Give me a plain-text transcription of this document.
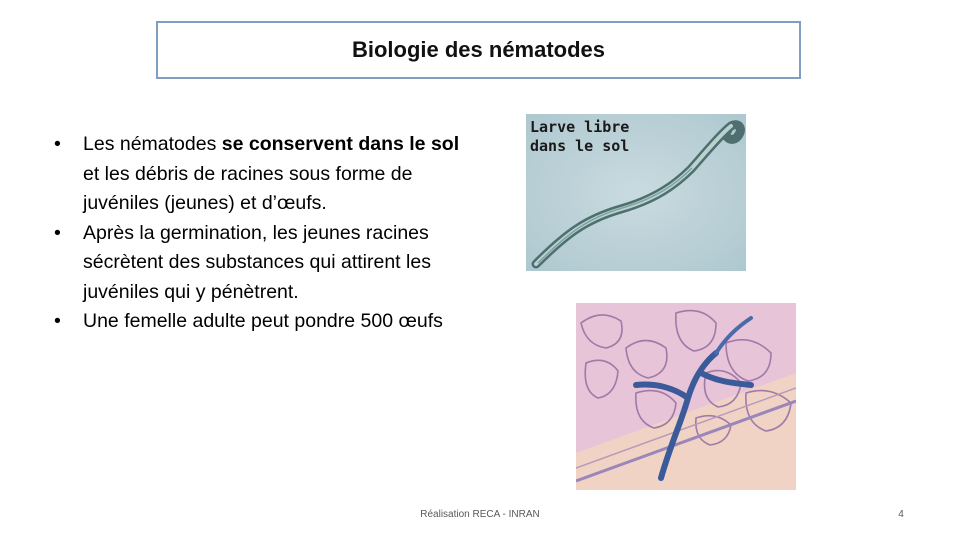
Biologie des nématodes
• Les nématodes se conservent dans le sol et les débris de racines sous forme de juvéniles (jeunes) et d’œufs.
• Après la germination, les jeunes racines sécrètent des substances qui attirent les juvéniles qui y pénètrent.
• Une femelle adulte peut pondre 500 œufs
Larve libre dans le sol
Réalisation RECA - INRAN	4
